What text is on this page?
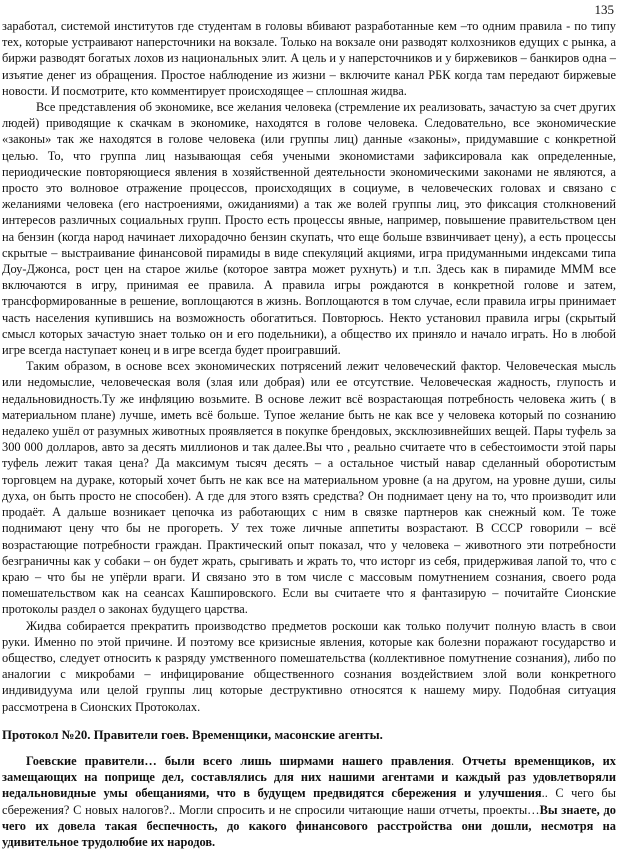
135

заработал, системой институтов где студентам в головы вбивают разработанные кем –то одним правила - по типу тех, которые устраивают наперсточники на вокзале. Только на вокзале они разводят колхозников едущих с рынка, а биржи разводят богатых лохов из национальных элит. А цель и у наперсточников и у биржевиков – банкиров одна – изъятие денег из обращения. Простое наблюдение из жизни – включите канал РБК когда там передают биржевые новости. И посмотрите, кто комментирует происходящее – сплошная жидва.

Все представления об экономике, все желания человека (стремление их реализовать, зачастую за счет других людей) приводящие к скачкам в экономике, находятся в голове человека. Следовательно, все экономические «законы» так же находятся в голове человека (или группы лиц) данные «законы», придумавшие с конкретной целью. То, что группа лиц называющая себя учеными экономистами зафиксировала как определенные, периодические повторяющиеся явления в хозяйственной деятельности экономическими законами не являются, а просто это волновое отражение процессов, происходящих в социуме, в человеческих головах и связано с желаниями человека (его настроениями, ожиданиями) а так же волей группы лиц, это фиксация столкновений интересов различных социальных групп. Просто есть процессы явные, например, повышение правительством цен на бензин (когда народ начинает лихорадочно бензин скупать, что еще больше взвинчивает цену), а есть процессы скрытые – выстраивание финансовой пирамиды в виде спекуляций акциями, игра придуманными индексами типа Доу-Джонса, рост цен на старое жилье (которое завтра может рухнуть) и т.п. Здесь как в пирамиде МММ все включаются в игру, принимая ее правила. А правила игры рождаются в конкретной голове и затем, трансформированные в решение, воплощаются в жизнь. Воплощаются в том случае, если правила игры принимает часть населения купившись на возможность обогатиться. Повторюсь. Некто установил правила игры (скрытый смысл которых зачастую знает только он и его подельники), а общество их приняло и начало играть. Но в любой игре всегда наступает конец и в игре всегда будет проигравший.

Таким образом, в основе всех экономических потрясений лежит человеческий фактор. Человеческая мысль или недомыслие, человеческая воля (злая или добрая) или ее отсутствие. Человеческая жадность, глупость и недальновидность.Ту же инфляцию возьмите. В основе лежит всё возрастающая потребность человека жить ( в материальном плане) лучше, иметь всё больше. Тупое желание быть не как все у человека который по сознанию недалеко ушёл от разумных животных проявляется в покупке брендовых, эксклюзивнейших вещей. Пары туфель за 300 000 долларов, авто за десять миллионов и так далее.Вы что , реально считаете что в себестоимости этой пары туфель лежит такая цена? Да максимум тысяч десять – а остальное чистый навар сделанный оборотистым торговцем на дураке, который хочет быть не как все на материальном уровне (а на другом, на уровне души, силы духа, он быть просто не способен). А где для этого взять средства? Он поднимает цену на то, что производит или продаёт. А дальше возникает цепочка из работающих с ним в связке партнеров как снежный ком. Те тоже поднимают цену что бы не прогореть. У тех тоже личные аппетиты возрастают. В СССР говорили – всё возрастающие потребности граждан. Практический опыт показал, что у человека – животного эти потребности безграничны как у собаки – он будет жрать, срыгивать и жрать то, что исторг из себя, придерживая лапой то, что с краю – что бы не упёрли враги. И связано это в том числе с массовым помутнением сознания, своего рода помешательством как на сеансах Кашпировского. Если вы считаете что я фантазирую – почитайте Сионские протоколы раздел о законах будущего царства.

Жидва собирается прекратить производство предметов роскоши как только получит полную власть в свои руки. Именно по этой причине. И поэтому все кризисные явления, которые как болезни поражают государство и общество, следует относить к разряду умственного помешательства (коллективное помутнение сознания), либо по аналогии с микробами – инфицирование общественного сознания воздействием злой воли конкретного индивидуума или целой группы лиц которые деструктивно относятся к нашему миру. Подобная ситуация рассмотрена в Сионских Протоколах.

Протокол №20. Правители гоев. Временщики, масонские агенты.

Гоевские правители… были всего лишь ширмами нашего правления. Отчеты временщиков, их замещающих на поприще дел, составлялись для них нашими агентами и каждый раз удовлетворяли недальновидные умы обещаниями, что в будущем предвидятся сбережения и улучшения.. С чего бы сбережения? С новых налогов?.. Могли спросить и не спросили читающие наши отчеты, проекты…Вы знаете, до чего их довела такая беспечность, до какого финансового расстройства они дошли, несмотря на удивительное трудолюбие их народов.
